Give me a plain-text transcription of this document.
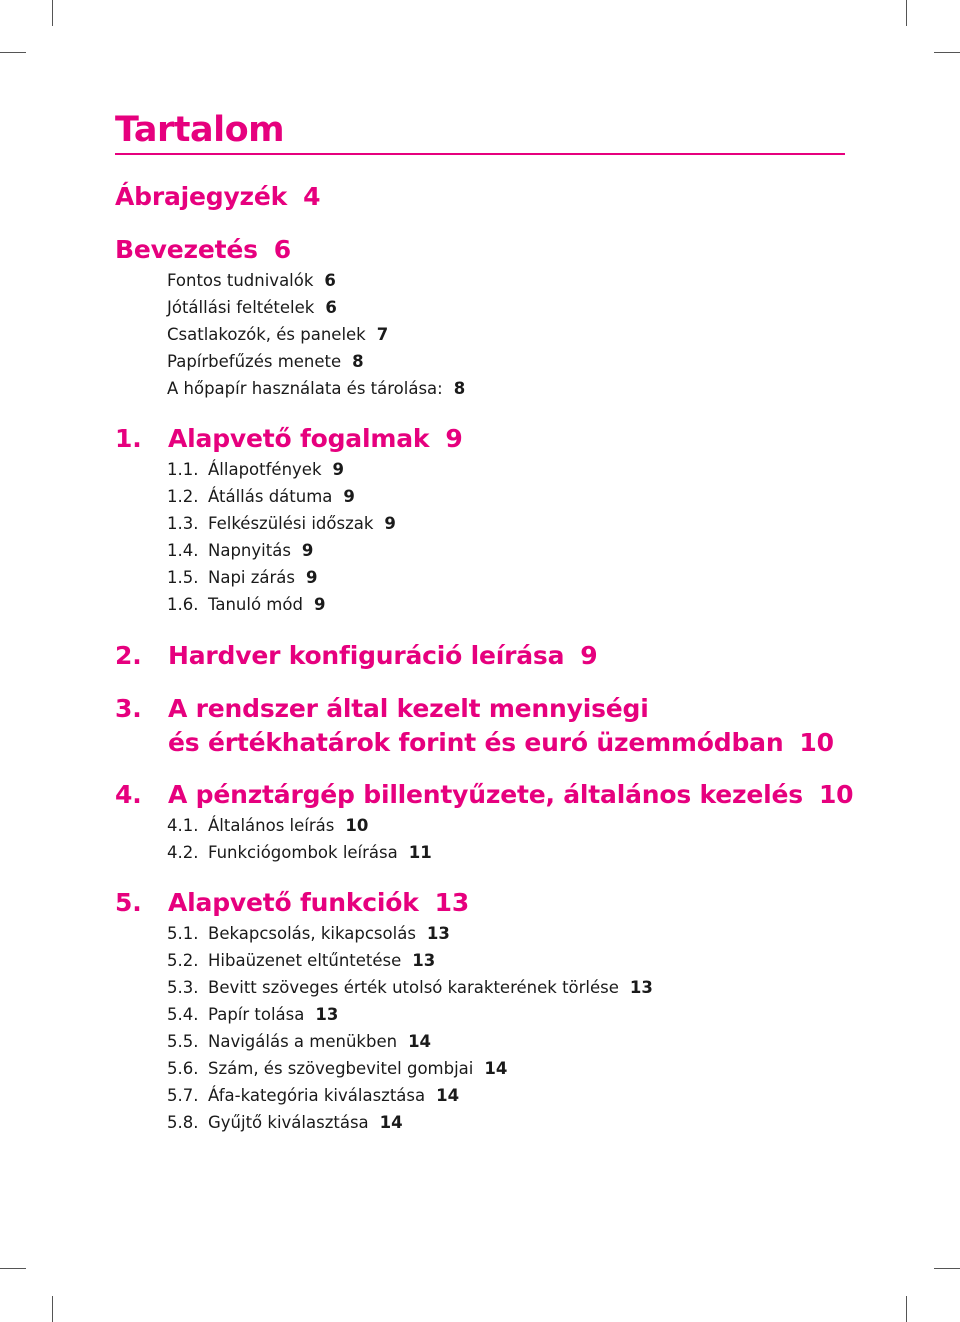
Tartalom
Ábrajegyzék 4
Bevezetés 6
Fontos tudnivalók 6
Jótállási feltételek 6
Csatlakozók, és panelek 7
Papírbefűzés menete 8
A hőpapír használata és tárolása: 8
1. Alapvető fogalmak 9
1.1. Állapotfények 9
1.2. Átállás dátuma 9
1.3. Felkészülési időszak 9
1.4. Napnyitás 9
1.5. Napi zárás 9
1.6. Tanuló mód 9
2. Hardver konfiguráció leírása 9
3. A rendszer által kezelt mennyiségi
és értékhatárok forint és euró üzemmódban 10
4. A pénztárgép billentyűzete, általános kezelés 10
4.1. Általános leírás 10
4.2. Funkciógombok leírása 11
5. Alapvető funkciók 13
5.1. Bekapcsolás, kikapcsolás 13
5.2. Hibaüzenet eltűntetése 13
5.3. Bevitt szöveges érték utolsó karakterének törlése 13
5.4. Papír tolása 13
5.5. Navigálás a menükben 14
5.6. Szám, és szövegbevitel gombjai 14
5.7. Áfa-kategória kiválasztása 14
5.8. Gyűjtő kiválasztása 14
